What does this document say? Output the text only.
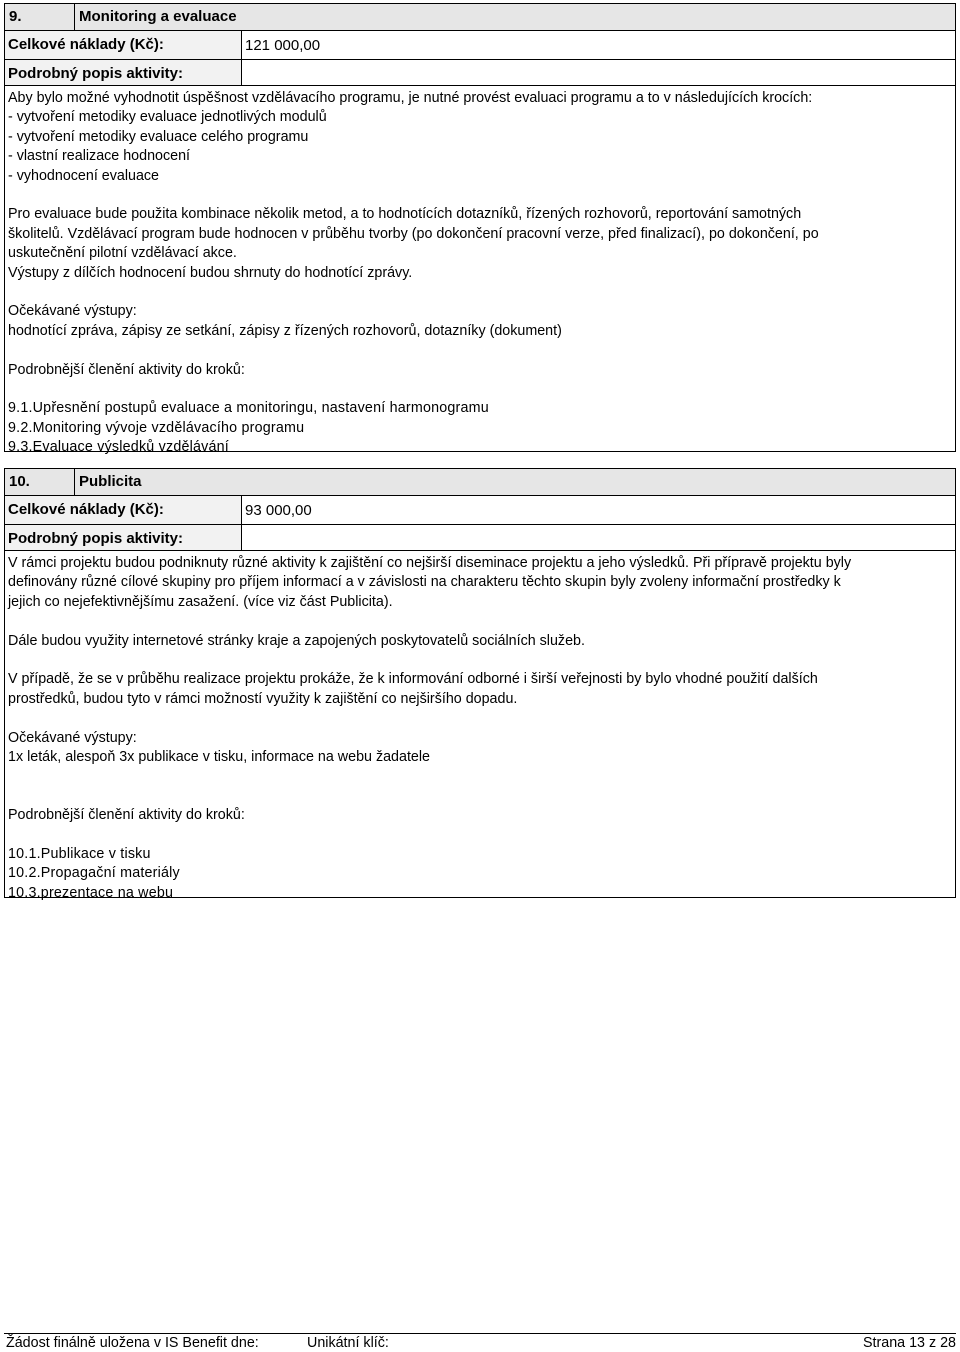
9.	Monitoring a evaluace
Celkové náklady (Kč):	121 000,00
Podrobný popis aktivity:

Aby bylo možné vyhodnotit úspěšnost vzdělávacího programu, je nutné provést evaluaci programu a to v následujících krocích:

- vytvoření metodiky evaluace jednotlivých modulů

- vytvoření metodiky evaluace celého programu

- vlastní realizace hodnocení

- vyhodnocení evaluace

Pro evaluace bude použita kombinace několik metod, a to hodnotících dotazníků, řízených rozhovorů, reportování samotných

školitelů. Vzdělávací program bude hodnocen v průběhu tvorby (po dokončení pracovní verze, před finalizací), po dokončení, po

uskutečnění pilotní vzdělávací akce.

Výstupy z dílčích hodnocení budou shrnuty do hodnotící zprávy.

Očekávané výstupy:

hodnotící zpráva, zápisy ze setkání, zápisy z řízených rozhovorů, dotazníky (dokument)

Podrobnější členění aktivity do kroků:

9.1.Upřesnění postupů evaluace a monitoringu, nastavení harmonogramu

9.2.Monitoring vývoje vzdělávacího programu

9.3.Evaluace výsledků vzdělávání

10.	Publicita
Celkové náklady (Kč):	93 000,00
Podrobný popis aktivity:

V rámci projektu budou podniknuty různé aktivity k zajištění co nejširší diseminace projektu a jeho výsledků. Při přípravě projektu byly

definovány různé cílové skupiny pro příjem informací a v závislosti na charakteru těchto skupin byly zvoleny informační prostředky k

jejich co nejefektivnějšímu zasažení. (více viz část Publicita).

Dále budou využity internetové stránky kraje a zapojených poskytovatelů sociálních služeb.

V případě, že se v průběhu realizace projektu prokáže, že k informování odborné i širší veřejnosti by bylo vhodné použití dalších

prostředků, budou tyto v rámci možností využity k zajištění co nejširšího dopadu.

Očekávané výstupy:

1x leták, alespoň 3x publikace v tisku, informace na webu žadatele

Podrobnější členění aktivity do kroků:

10.1.Publikace v tisku

10.2.Propagační materiály

10.3.prezentace na webu

Žádost finálně uložena v IS Benefit dne:	Unikátní klíč:	Strana 13 z 28
